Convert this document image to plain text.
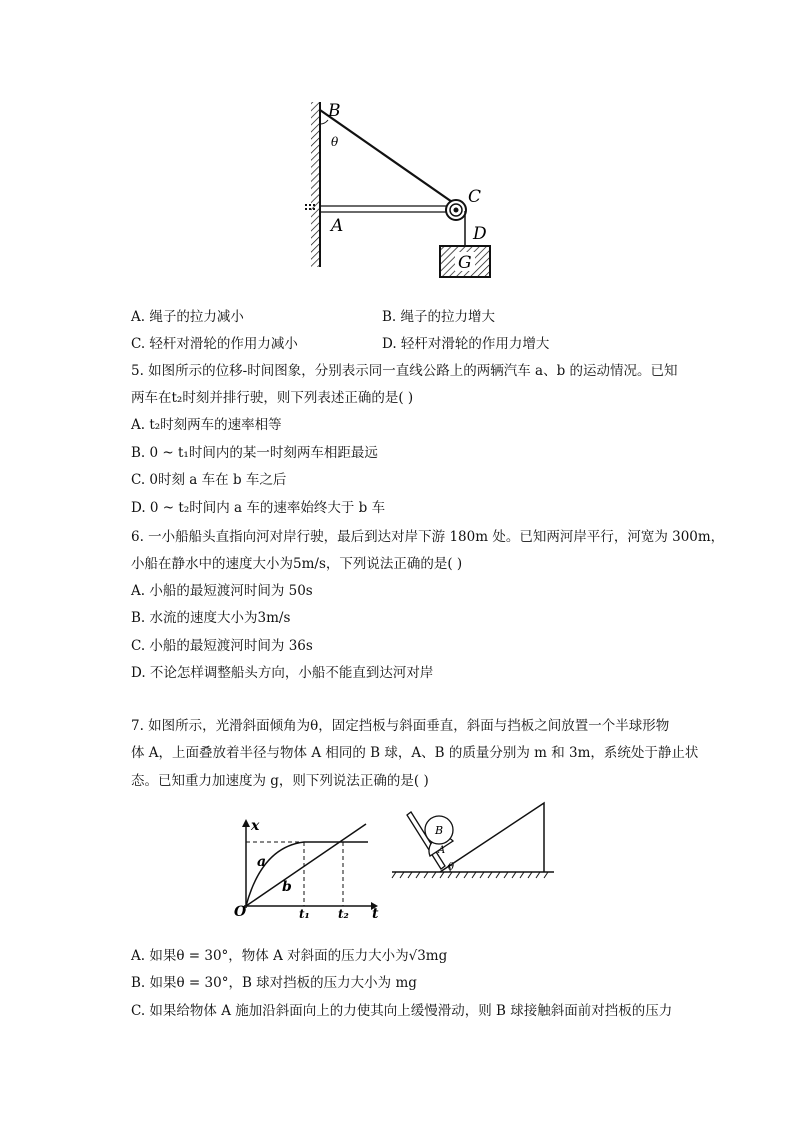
G
B
θ
C
A	D
A. 绳子的拉力减小	B. 绳子的拉力增大
C. 轻杆对滑轮的作用力减小	D. 轻杆对滑轮的作用力增大
5. 如图所示的位移-时间图象，分别表示同一直线公路上的两辆汽车 a、b 的运动情况。已知
两车在t₂时刻并排行驶，则下列表述正确的是( )
A. t₂时刻两车的速率相等
B. 0 ~ t₁时间内的某一时刻两车相距最远
C. 0时刻 a 车在 b 车之后
D. 0 ~ t₂时间内 a 车的速率始终大于 b 车
6. 一小船船头直指向河对岸行驶，最后到达对岸下游 180m 处。已知两河岸平行，河宽为 300m，
小船在静水中的速度大小为5m/s，下列说法正确的是( )
A. 小船的最短渡河时间为 50s
B. 水流的速度大小为3m/s
C. 小船的最短渡河时间为 36s
D. 不论怎样调整船头方向，小船不能直到达河对岸
7. 如图所示，光滑斜面倾角为θ，固定挡板与斜面垂直，斜面与挡板之间放置一个半球形物
体 A，上面叠放着半径与物体 A 相同的 B 球，A、B 的质量分别为 m 和 3m，系统处于静止状
态。已知重力加速度为 g，则下列说法正确的是( )
x
a
b
O	t₁ t₂ t
B
A
θ
A. 如果θ = 30°，物体 A 对斜面的压力大小为√3mg
B. 如果θ = 30°，B 球对挡板的压力大小为 mg
C. 如果给物体 A 施加沿斜面向上的力使其向上缓慢滑动，则 B 球接触斜面前对挡板的压力
